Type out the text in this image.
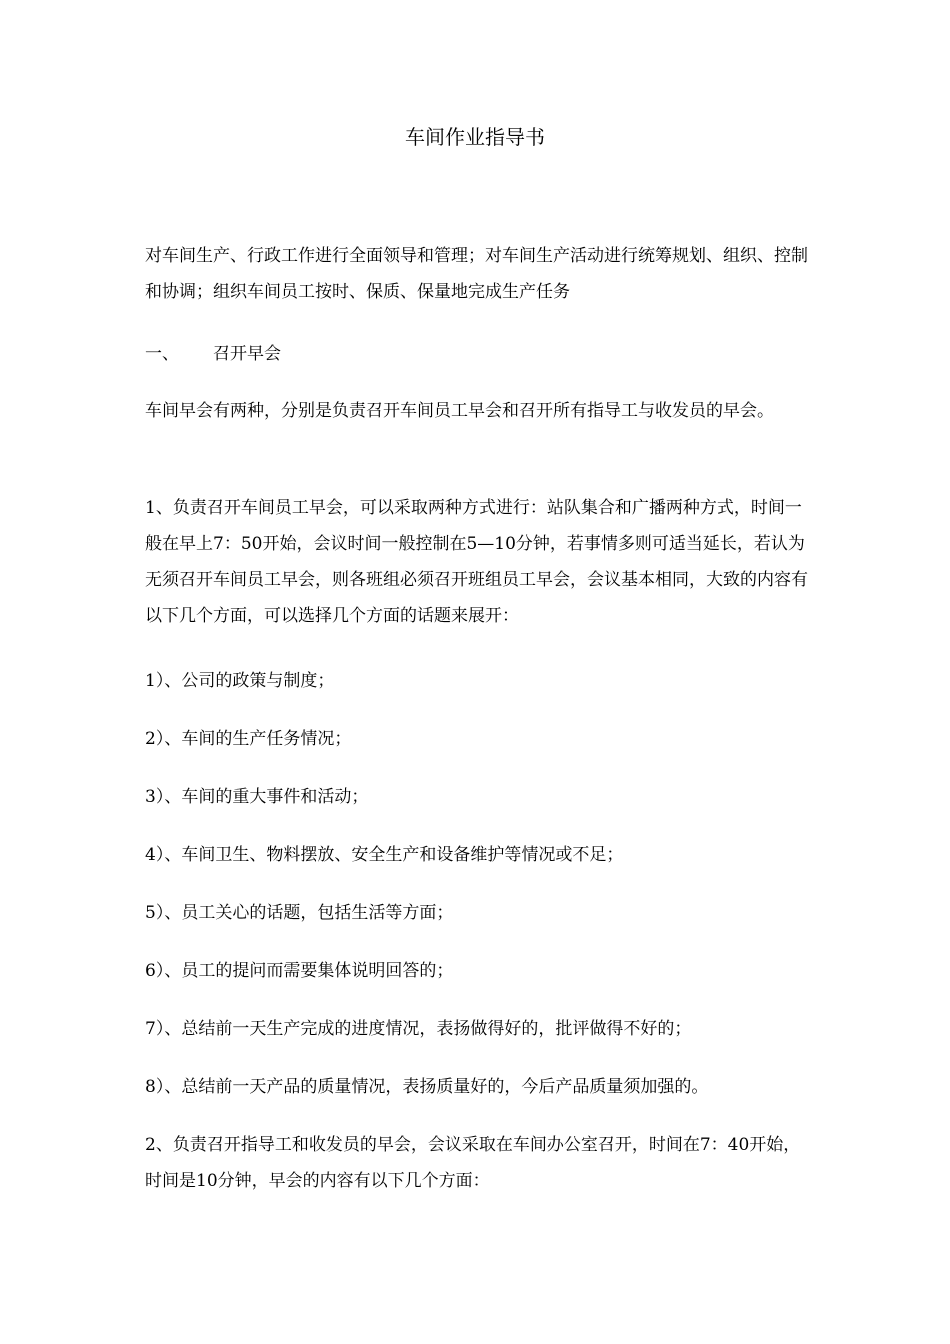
车间作业指导书

对车间生产、行政工作进行全面领导和管理；对车间生产活动进行统筹规划、组织、控制和协调；组织车间员工按时、保质、保量地完成生产任务

一、 召开早会

车间早会有两种，分别是负责召开车间员工早会和召开所有指导工与收发员的早会。

1、负责召开车间员工早会，可以采取两种方式进行：站队集合和广播两种方式，时间一般在早上7：50开始，会议时间一般控制在5—10分钟，若事情多则可适当延长，若认为无须召开车间员工早会，则各班组必须召开班组员工早会，会议基本相同，大致的内容有以下几个方面，可以选择几个方面的话题来展开：

1）、公司的政策与制度；

2）、车间的生产任务情况；

3）、车间的重大事件和活动；

4）、车间卫生、物料摆放、安全生产和设备维护等情况或不足；

5）、员工关心的话题，包括生活等方面；

6）、员工的提问而需要集体说明回答的；

7）、总结前一天生产完成的进度情况，表扬做得好的，批评做得不好的；

8）、总结前一天产品的质量情况，表扬质量好的，今后产品质量须加强的。

2、负责召开指导工和收发员的早会，会议采取在车间办公室召开，时间在7：40开始，时间是10分钟，早会的内容有以下几个方面：
